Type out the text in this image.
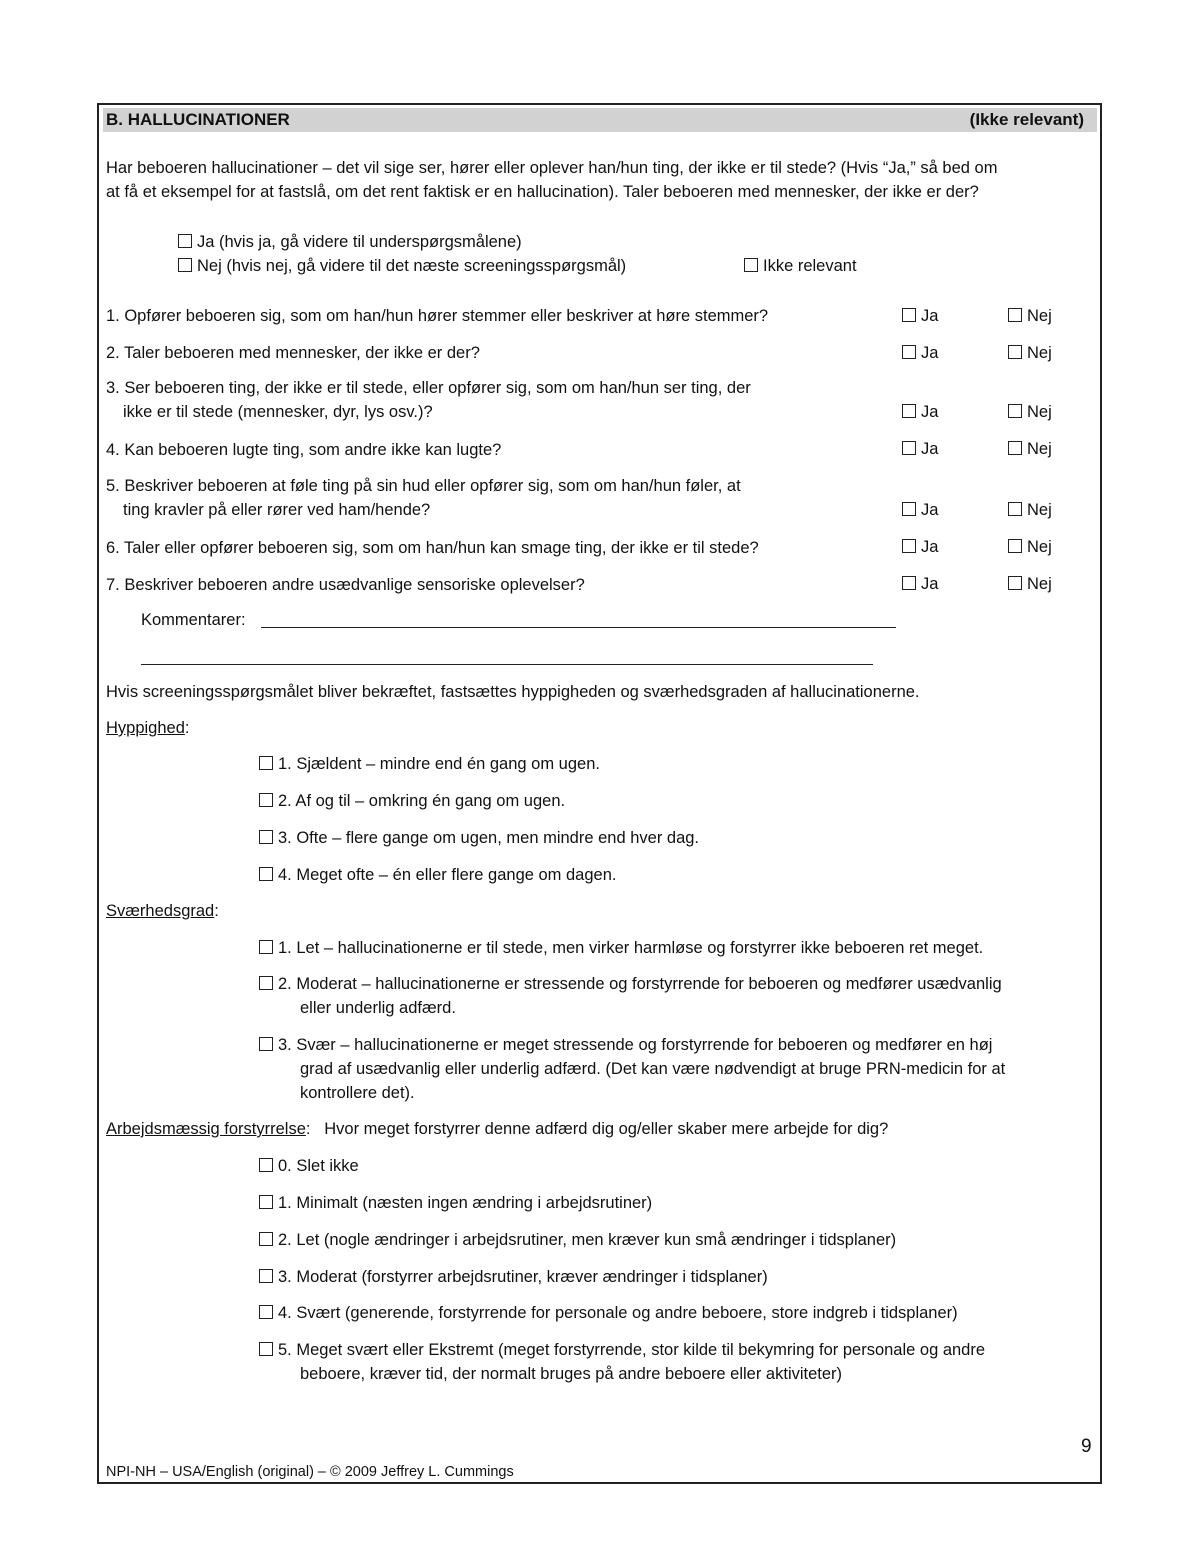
B. HALLUCINATIONER	(Ikke relevant)
Har beboeren hallucinationer – det vil sige ser, hører eller oplever han/hun ting, der ikke er til stede? (Hvis “Ja,” så bed om
at få et eksempel for at fastslå, om det rent faktisk er en hallucination). Taler beboeren med mennesker, der ikke er der?
Ja (hvis ja, gå videre til underspørgsmålene)
Nej (hvis nej, gå videre til det næste screeningsspørgsmål)	Ikke relevant
1. Opfører beboeren sig, som om han/hun hører stemmer eller beskriver at høre stemmer?	Ja	Nej
2. Taler beboeren med mennesker, der ikke er der?	Ja	Nej
3. Ser beboeren ting, der ikke er til stede, eller opfører sig, som om han/hun ser ting, der
ikke er til stede (mennesker, dyr, lys osv.)?	Ja	Nej
4. Kan beboeren lugte ting, som andre ikke kan lugte?	Ja	Nej
5. Beskriver beboeren at føle ting på sin hud eller opfører sig, som om han/hun føler, at
ting kravler på eller rører ved ham/hende?	Ja	Nej
6. Taler eller opfører beboeren sig, som om han/hun kan smage ting, der ikke er til stede?	Ja	Nej
7. Beskriver beboeren andre usædvanlige sensoriske oplevelser?	Ja	Nej
Kommentarer:
Hvis screeningsspørgsmålet bliver bekræftet, fastsættes hyppigheden og sværhedsgraden af hallucinationerne.
Hyppighed:
1. Sjældent – mindre end én gang om ugen.
2. Af og til – omkring én gang om ugen.
3. Ofte – flere gange om ugen, men mindre end hver dag.
4. Meget ofte – én eller flere gange om dagen.
Sværhedsgrad:
1. Let – hallucinationerne er til stede, men virker harmløse og forstyrrer ikke beboeren ret meget.
2. Moderat – hallucinationerne er stressende og forstyrrende for beboeren og medfører usædvanlig
eller underlig adfærd.
3. Svær – hallucinationerne er meget stressende og forstyrrende for beboeren og medfører en høj
grad af usædvanlig eller underlig adfærd. (Det kan være nødvendigt at bruge PRN-medicin for at
kontrollere det).
Arbejdsmæssig forstyrrelse:   Hvor meget forstyrrer denne adfærd dig og/eller skaber mere arbejde for dig?
0. Slet ikke
1. Minimalt (næsten ingen ændring i arbejdsrutiner)
2. Let (nogle ændringer i arbejdsrutiner, men kræver kun små ændringer i tidsplaner)
3. Moderat (forstyrrer arbejdsrutiner, kræver ændringer i tidsplaner)
4. Svært (generende, forstyrrende for personale og andre beboere, store indgreb i tidsplaner)
5. Meget svært eller Ekstremt (meget forstyrrende, stor kilde til bekymring for personale og andre
beboere, kræver tid, der normalt bruges på andre beboere eller aktiviteter)
9
NPI-NH – USA/English (original) – © 2009 Jeffrey L. Cummings
